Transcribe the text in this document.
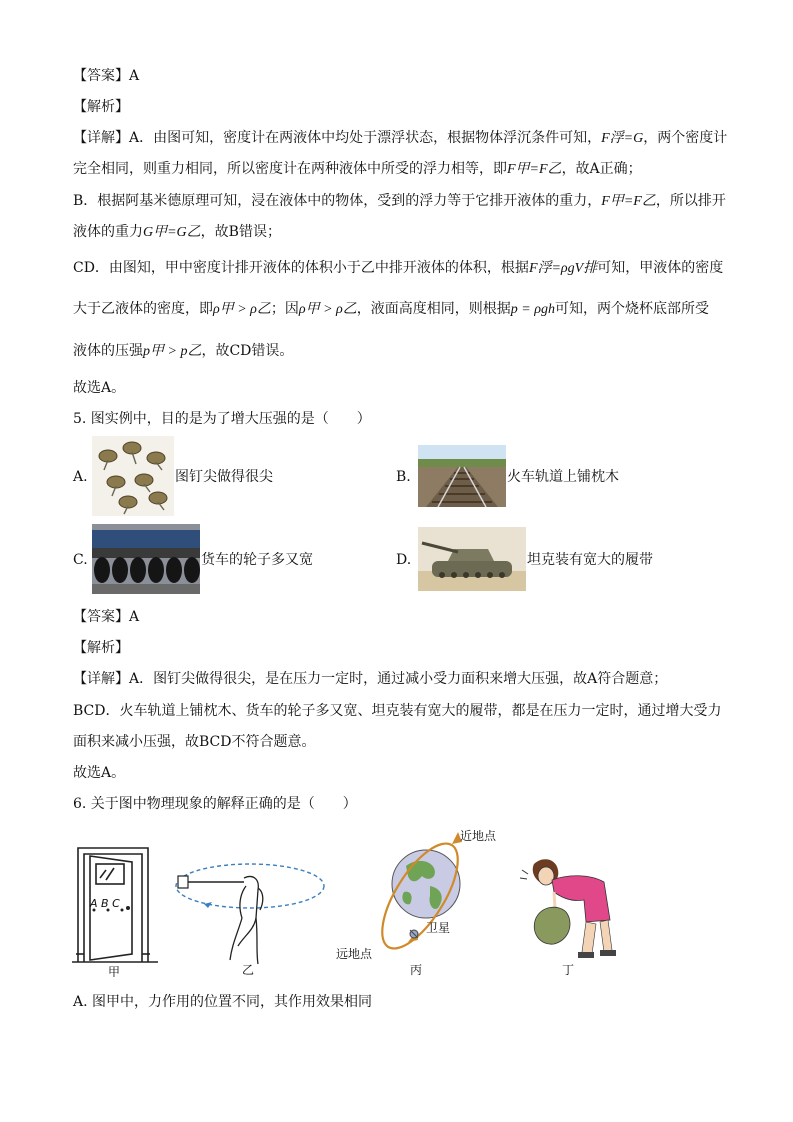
【答案】A
【解析】
【详解】A．由图可知，密度计在两液体中均处于漂浮状态，根据物体浮沉条件可知，F浮=G，两个密度计
完全相同，则重力相同，所以密度计在两种液体中所受的浮力相等，即F甲=F乙，故A正确；
B．根据阿基米德原理可知，浸在液体中的物体，受到的浮力等于它排开液体的重力，F甲=F乙，所以排开
液体的重力G甲=G乙，故B错误；
CD．由图知，甲中密度计排开液体的体积小于乙中排开液体的体积，根据F浮=ρgV排可知，甲液体的密度
大于乙液体的密度，即ρ甲 > ρ乙；因ρ甲 > ρ乙，液面高度相同，则根据p = ρgh可知，两个烧杯底部所受
液体的压强p甲 > p乙，故CD错误。
故选A。
5. 图实例中，目的是为了增大压强的是（　　）
A.	图钉尖做得很尖	B.	火车轨道上铺枕木
C.	货车的轮子多又宽	D.	坦克装有宽大的履带
【答案】A
【解析】
【详解】A．图钉尖做得很尖，是在压力一定时，通过减小受力面积来增大压强，故A符合题意；
BCD．火车轨道上铺枕木、货车的轮子多又宽、坦克装有宽大的履带，都是在压力一定时，通过增大受力
面积来减小压强，故BCD不符合题意。
故选A。
6. 关于图中物理现象的解释正确的是（　　）
A B C
甲	乙
近地点
卫星
远地点
丙	丁
A. 图甲中，力作用的位置不同，其作用效果相同
